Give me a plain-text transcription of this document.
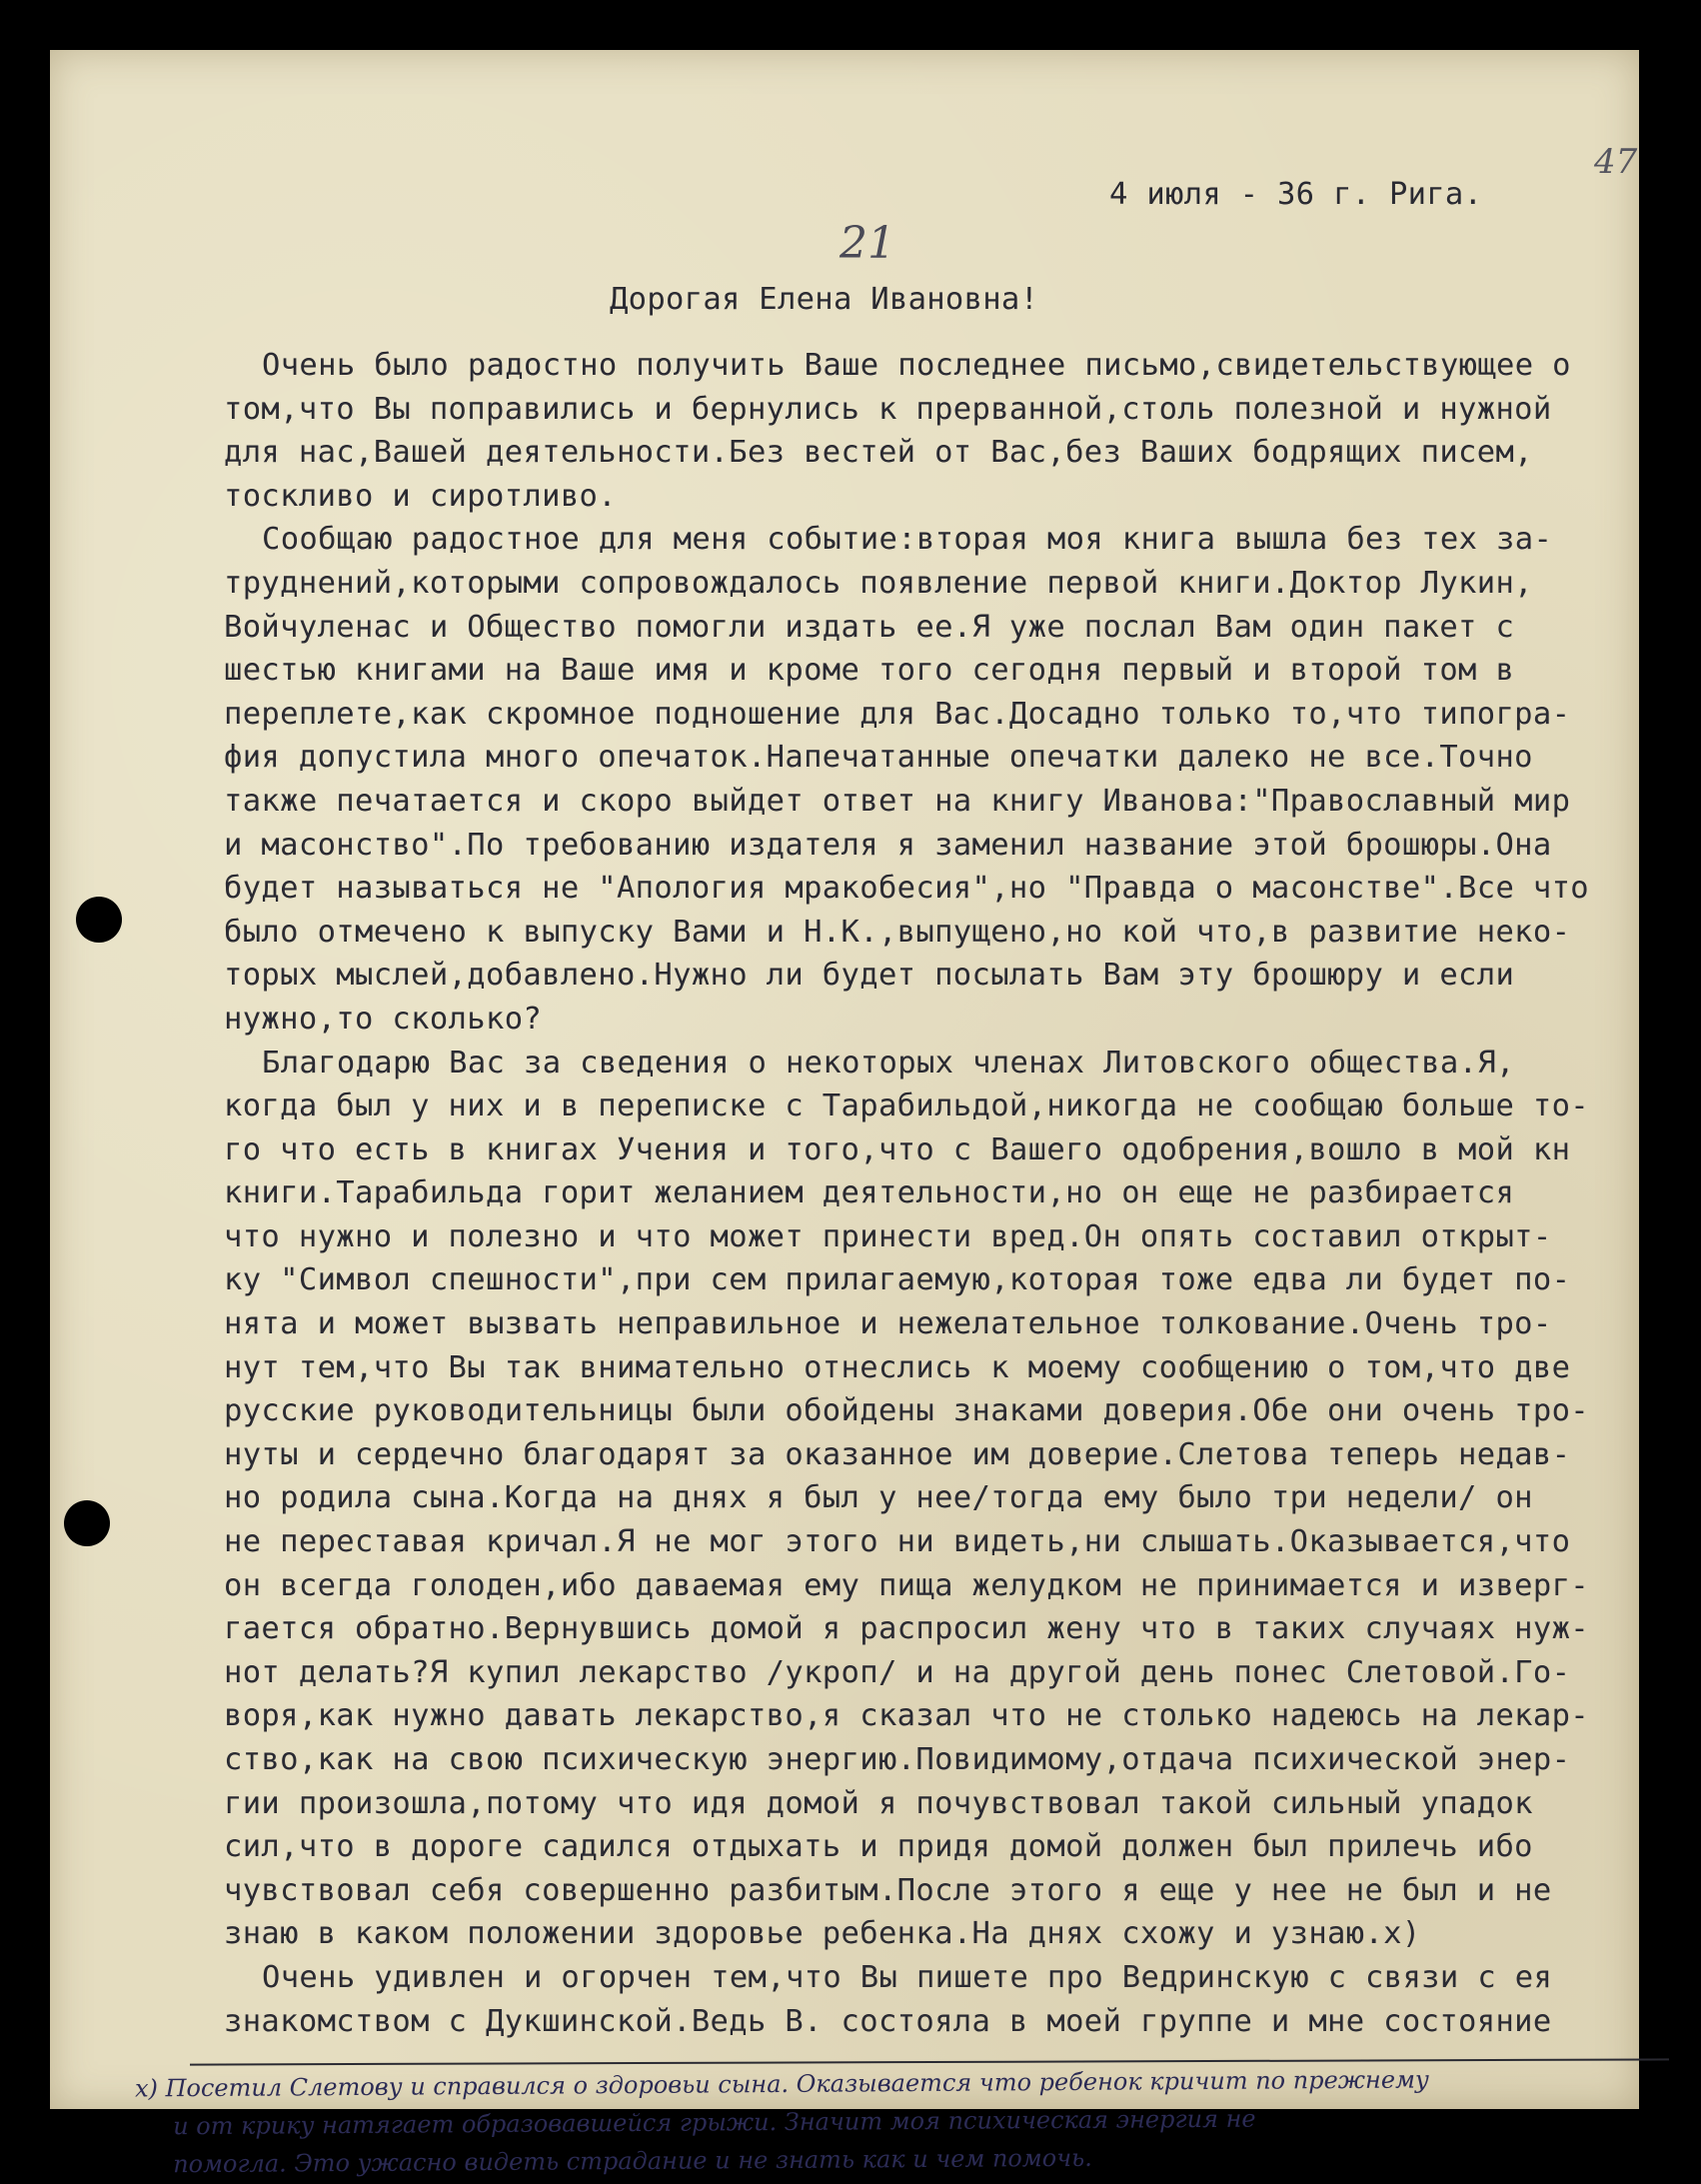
47
21
4 июля - 36 г. Рига.
Дорогая Елена Ивановна!
Очень было радостно получить Ваше последнее письмо,свидетельствующее о
том,что Вы поправились и бернулись к прерванной,столь полезной и нужной
для нас,Вашей деятельности.Без вестей от Вас,без Ваших бодрящих писем,
тоскливо и сиротливо.
Сообщаю радостное для меня событие:вторая моя книга вышла без тех за-
труднений,которыми сопровождалось появление первой книги.Доктор Лукин,
Войчуленас и Общество помогли издать ее.Я уже послал Вам один пакет с
шестью книгами на Ваше имя и кроме того сегодня первый и второй том в
переплете,как скромное подношение для Вас.Досадно только то,что типогра-
фия допустила много опечаток.Напечатанные опечатки далеко не все.Точно
также печатается и скоро выйдет ответ на книгу Иванова:"Православный мир
и масонство".По требованию издателя я заменил название этой брошюры.Она
будет называться не "Апология мракобесия",но "Правда о масонстве".Все что
было отмечено к выпуску Вами и Н.К.,выпущено,но кой что,в развитие неко-
торых мыслей,добавлено.Нужно ли будет посылать Вам эту брошюру и если
нужно,то сколько?
Благодарю Вас за сведения о некоторых членах Литовского общества.Я,
когда был у них и в переписке с Тарабильдой,никогда не сообщаю больше то-
го что есть в книгах Учения и того,что с Вашего одобрения,вошло в мой кн
книги.Тарабильда горит желанием деятельности,но он еще не разбирается
что нужно и полезно и что может принести вред.Он опять составил открыт-
ку "Символ спешности",при сем прилагаемую,которая тоже едва ли будет по-
нята и может вызвать неправильное и нежелательное толкование.Очень тро-
нут тем,что Вы так внимательно отнеслись к моему сообщению о том,что две
русские руководительницы были обойдены знаками доверия.Обе они очень тро-
нуты и сердечно благодарят за оказанное им доверие.Слетова теперь недав-
но родила сына.Когда на днях я был у нее/тогда ему было три недели/ он
не переставая кричал.Я не мог этого ни видеть,ни слышать.Оказывается,что
он всегда голоден,ибо даваемая ему пища желудком не принимается и изверг-
гается обратно.Вернувшись домой я распросил жену что в таких случаях нуж-
нот делать?Я купил лекарство /укроп/ и на другой день понес Слетовой.Го-
воря,как нужно давать лекарство,я сказал что не столько надеюсь на лекар-
ство,как на свою психическую энергию.Повидимому,отдача психической энер-
гии произошла,потому что идя домой я почувствовал такой сильный упадок
сил,что в дороге садился отдыхать и придя домой должен был прилечь ибо
чувствовал себя совершенно разбитым.После этого я еще у нее не был и не
знаю в каком положении здоровье ребенка.На днях схожу и узнаю.x)
Очень удивлен и огорчен тем,что Вы пишете про Ведринскую с связи с ея
знакомством с Дукшинской.Ведь В. состояла в моей группе и мне состояние
x) Посетил Слетову и справился о здоровьи сына. Оказывается что ребенок кричит по прежнему
и от крику натягает образовавшейся грыжи. Значит моя психическая энергия не
помогла. Это ужасно видеть страдание и не знать как и чем помочь.
